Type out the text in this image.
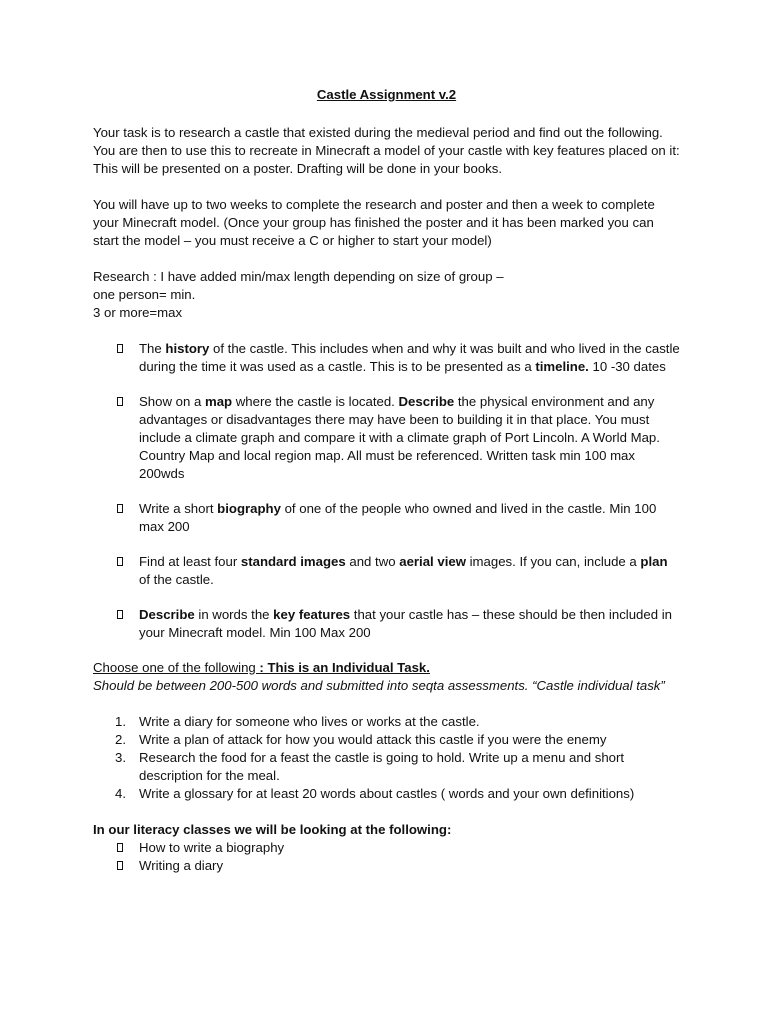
Castle Assignment v.2

Your task is to research a castle that existed during the medieval period and find out the following. You are then to use this to recreate in Minecraft a model of your castle with key features placed on it: This will be presented on a poster. Drafting will be done in your books.

You will have up to two weeks to complete the research and poster and then a week to complete your Minecraft model. (Once your group has finished the poster and it has been marked you can start the model – you must receive a C or higher to start your model)

Research : I have added min/max length depending on size of group –

one person= min.

3 or more=max

The history of the castle. This includes when and why it was built and who lived in the castle during the time it was used as a castle. This is to be presented as a timeline. 10 -30 dates
Show on a map where the castle is located. Describe the physical environment and any advantages or disadvantages there may have been to building it in that place. You must include a climate graph and compare it with a climate graph of Port Lincoln. A World Map. Country Map and local region map. All must be referenced. Written task min 100 max 200wds
Write a short biography of one of the people who owned and lived in the castle. Min 100 max 200
Find at least four standard images and two aerial view images. If you can, include a plan of the castle.
Describe in words the key features that your castle has – these should be then included in your Minecraft model. Min 100 Max 200

Choose one of the following : This is an Individual Task.

Should be between 200-500 words and submitted into seqta assessments. “Castle individual task”

1. Write a diary for someone who lives or works at the castle.
2. Write a plan of attack for how you would attack this castle if you were the enemy
3. Research the food for a feast the castle is going to hold. Write up a menu and short description for the meal.
4. Write a glossary for at least 20 words about castles ( words and your own definitions)

In our literacy classes we will be looking at the following:

How to write a biography
Writing a diary
